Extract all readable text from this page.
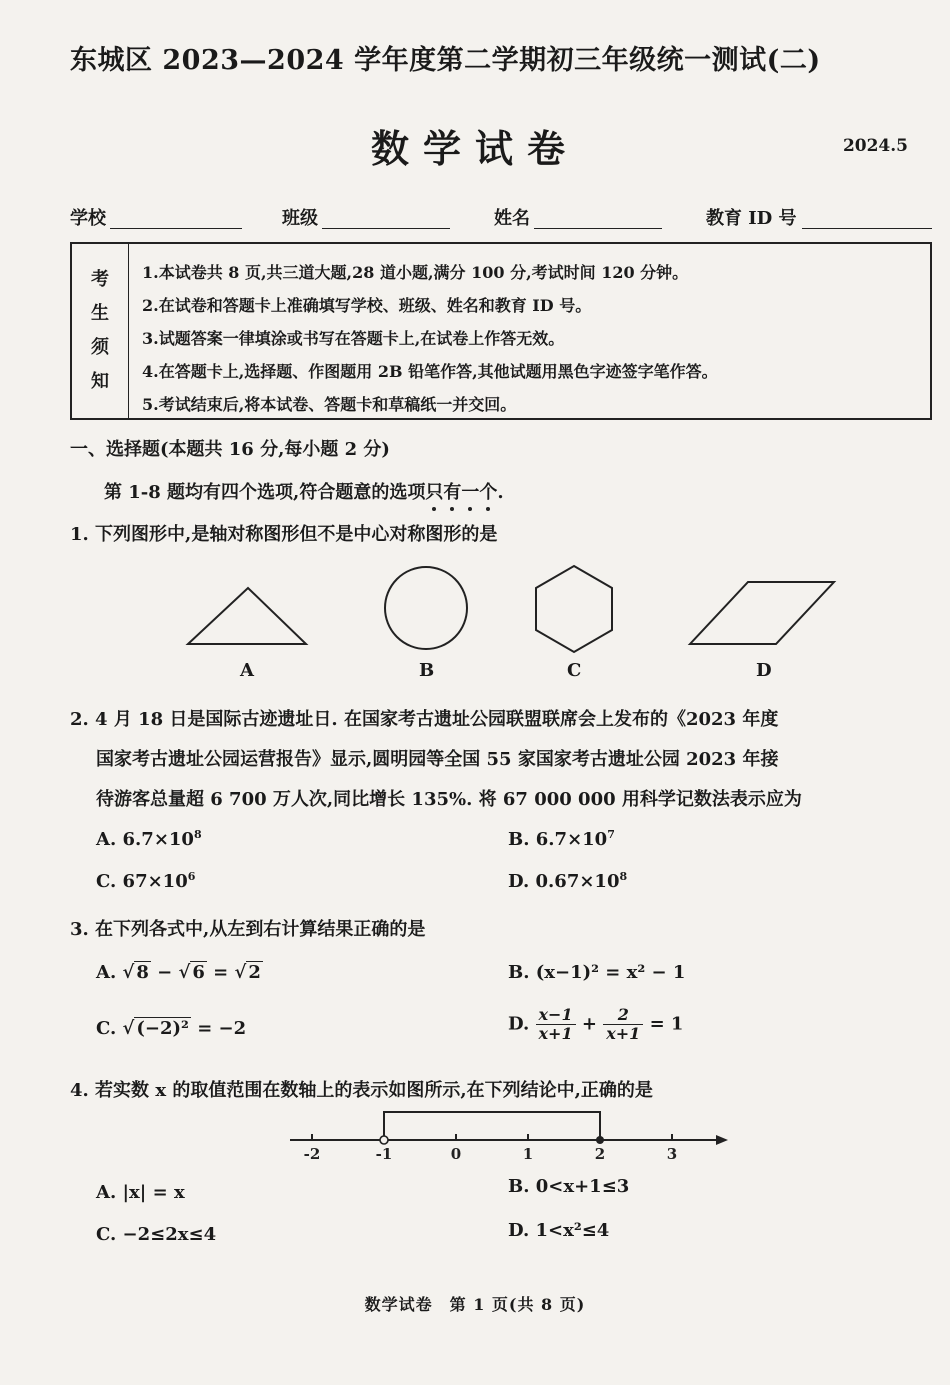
东城区 2023—2024 学年度第二学期初三年级统一测试(二)
数学试卷	2024.5
学校	班级	姓名	教育 ID 号
考
生
须
知
1.本试卷共 8 页,共三道大题,28 道小题,满分 100 分,考试时间 120 分钟。
2.在试卷和答题卡上准确填写学校、班级、姓名和教育 ID 号。
3.试题答案一律填涂或书写在答题卡上,在试卷上作答无效。
4.在答题卡上,选择题、作图题用 2B 铅笔作答,其他试题用黑色字迹签字笔作答。
5.考试结束后,将本试卷、答题卡和草稿纸一并交回。
一、选择题(本题共 16 分,每小题 2 分)
第 1-8 题均有四个选项,符合题意的选项只有一个.
1. 下列图形中,是轴对称图形但不是中心对称图形的是
A	B	C	D
2. 4 月 18 日是国际古迹遗址日. 在国家考古遗址公园联盟联席会上发布的《2023 年度
国家考古遗址公园运营报告》显示,圆明园等全国 55 家国家考古遗址公园 2023 年接
待游客总量超 6 700 万人次,同比增长 135%. 将 67 000 000 用科学记数法表示应为
A. $6.7\times 10^8$	B. $6.7\times 10^7$
C. $67\times 10^6$	D. $0.67\times 10^8$
3. 在下列各式中,从左到右计算结果正确的是
A. √ 8 − √ 6 = √ 2	B. (x−1)² = x² − 1
C. √ (−2)² = −2	D. $\frac{x-1}{x+1} + \frac{2}{x+1} = 1$
4. 若实数 x 的取值范围在数轴上的表示如图所示,在下列结论中,正确的是
-2	-1	0	1	2	3
A. |x| = x	B. 0<x+1≤3
C. −2≤2x≤4	D. 1<x²≤4
数学试卷　第 1 页(共 8 页)
